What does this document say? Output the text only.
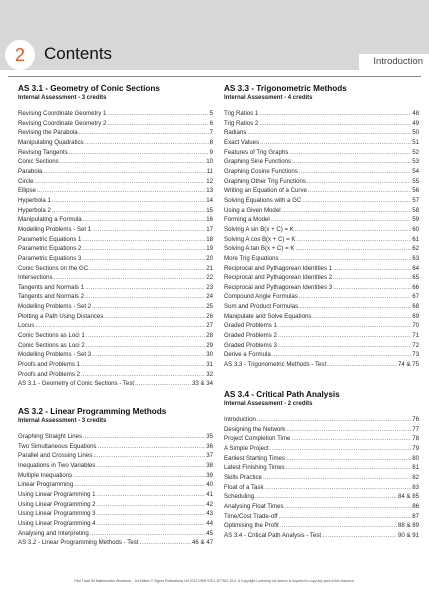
2	Contents	Introduction
AS 3.1 - Geometry of Conic Sections
Internal Assessment - 3 credits
Revising Coordinate Geometry 1 .....	5
Revising Coordinate Geometry 2 .....	6
Revising the Parabola .....	7
Manipulating Quadratics .....	8
Revising Tangents .....	9
Conic Sections .....	10
Parabola .....	11
Circle .....	12
Ellipse .....	13
Hyperbola 1 .....	14
Hyperbola 2 .....	15
Manipulating a Formula .....	16
Modelling Problems - Set 1 .....	17
Parametric Equations 1 .....	18
Parametric Equations 2 .....	19
Parametric Equations 3 .....	20
Conic Sections on the GC .....	21
Intersections .....	22
Tangents and Normals 1 .....	23
Tangents and Normals 2 .....	24
Modelling Problems - Set 2 .....	25
Plotting a Path Using Distances .....	26
Locus .....	27
Conic Sections as Loci 1 .....	28
Conic Sections as Loci 2 .....	29
Modelling Problems - Set 3 .....	30
Proofs and Problems 1 .....	31
Proofs and Problems 2 .....	32
AS 3.1 - Geometry of Conic Sections - Test .....	33 & 34
AS 3.2 - Linear Programming Methods
Internal Assessment - 3 credits
Graphing Straight Lines .....	35
Two Simultaneous Equations .....	36
Parallel and Crossing Lines .....	37
Inequations in Two Variables .....	38
Multiple Inequations .....	39
Linear Programming .....	40
Using Linear Programming 1 .....	41
Using Linear Programming 2 .....	42
Using Linear Programming 3 .....	43
Using Linear Programming 4 .....	44
Analysing and Interpreting .....	45
AS 3.2 - Linear Programming Methods - Test .....	46 & 47
AS 3.3 - Trigonometric Methods
Internal Assessment - 4 credits
Trig Ratios 1 .....	48
Trig Ratios 2 .....	49
Radians .....	50
Exact Values .....	51
Features of Trig Graphs .....	52
Graphing Sine Functions .....	53
Graphing Cosine Functions .....	54
Graphing Other Trig Functions .....	55
Writing an Equation of a Curve .....	56
Solving Equations with a GC .....	57
Using a Given Model .....	58
Forming a Model .....	59
Solving A sin B(x + C) = K .....	60
Solving A cos B(x + C) = K .....	61
Solving A tan B(x + C) = K .....	62
More Trig Equations .....	63
Reciprocal and Pythagorean Identities 1 .....	64
Reciprocal and Pythagorean Identities 2 .....	65
Reciprocal and Pythagorean Identities 3 .....	66
Compound Angle Formulas .....	67
Sum and Product Formulas .....	68
Manipulate and Solve Equations .....	69
Graded Problems 1 .....	70
Graded Problems 2 .....	71
Graded Problems 3 .....	72
Derive a Formula .....	73
AS 3.3 - Trigonometric Methods - Test .....	74 & 75
AS 3.4 - Critical Path Analysis
Internal Assessment - 2 credits
Introduction .....	76
Designing the Network .....	77
Project Completion Time .....	78
A Simple Project .....	79
Earliest Starting Times .....	80
Latest Finishing Times .....	81
Skills Practice .....	82
Float of a Task .....	83
Scheduling .....	84 & 85
Analysing Float Times .....	86
Time/Cost Trade-off .....	87
Optimising the Profit .....	88 & 89
AS 3.4 - Critical Path Analysis - Test .....	90 & 91
Fast Track IM Mathematics Workbook - 1st Edition © Sigma Publications Ltd 2012 ISBN 978-1-877567-15-5. A Copyright Licensing Ltd licence is required to copy any part of this resource.
